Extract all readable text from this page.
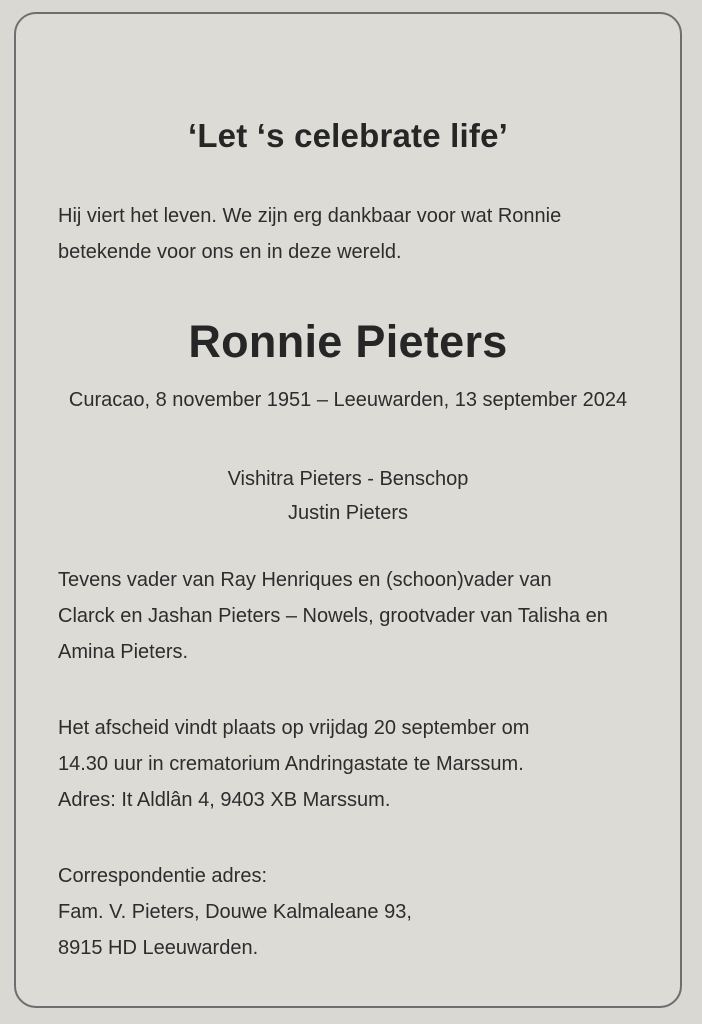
‘Let ‘s celebrate life’
Hij viert het leven. We zijn erg dankbaar voor wat Ronnie
betekende voor ons en in deze wereld.
Ronnie Pieters
Curacao, 8 november 1951 – Leeuwarden, 13 september 2024
Vishitra Pieters - Benschop
Justin Pieters
Tevens vader van Ray Henriques en (schoon)vader van
Clarck en Jashan Pieters – Nowels, grootvader van Talisha en
Amina Pieters.
Het afscheid vindt plaats op vrijdag 20 september om
14.30 uur in crematorium Andringastate te Marssum.
Adres: It Aldlân 4, 9403 XB Marssum.
Correspondentie adres:
Fam. V. Pieters, Douwe Kalmaleane 93,
8915 HD Leeuwarden.
